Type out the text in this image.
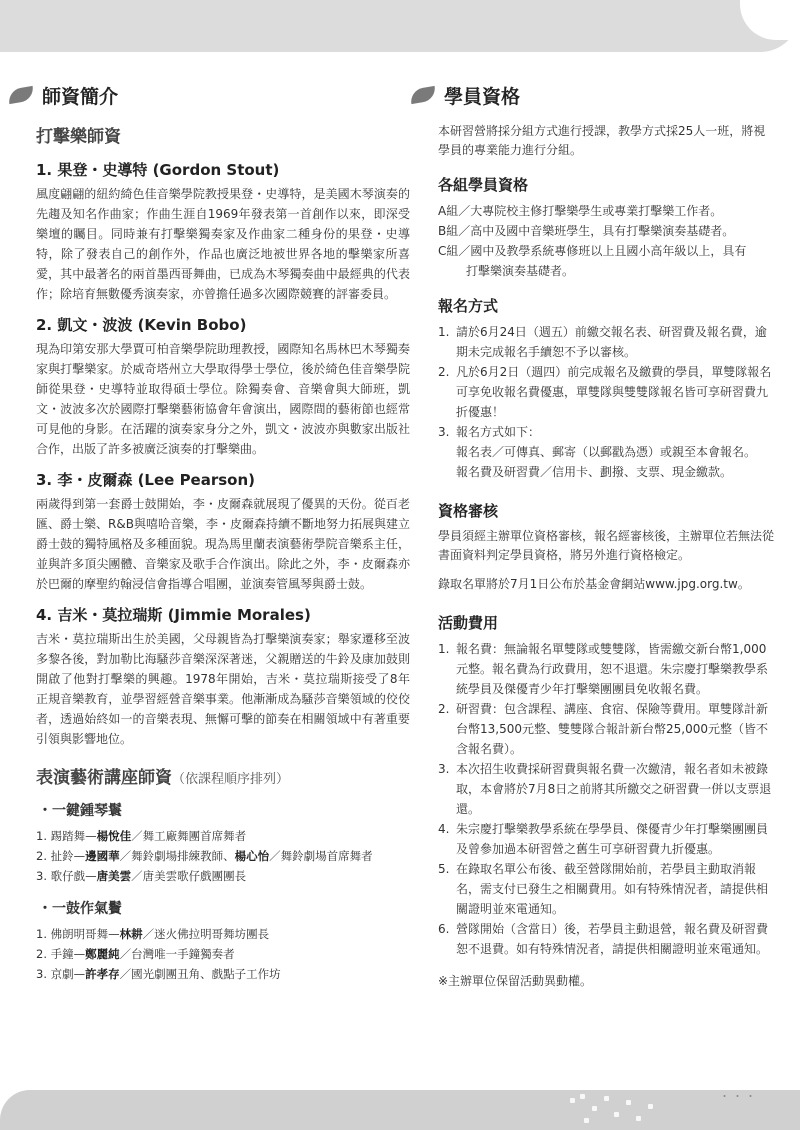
師資簡介
打擊樂師資
1. 果登・史導特 (Gordon Stout)

風度翩翩的紐約綺色佳音樂學院教授果登・史導特，是美國木琴演奏的先趨及知名作曲家；作曲生涯自1969年發表第一首創作以來，即深受樂壇的矚目。同時兼有打擊樂獨奏家及作曲家二種身份的果登・史導特，除了發表自己的創作外，作品也廣泛地被世界各地的擊樂家所喜愛，其中最著名的兩首墨西哥舞曲，已成為木琴獨奏曲中最經典的代表作；除培育無數優秀演奏家，亦曾擔任過多次國際競賽的評審委員。

2. 凱文・波波 (Kevin Bobo)

現為印第安那大學賈可柏音樂學院助理教授，國際知名馬林巴木琴獨奏家與打擊樂家。於威奇塔州立大學取得學士學位，後於綺色佳音樂學院師從果登・史導特並取得碩士學位。除獨奏會、音樂會與大師班，凱文・波波多次於國際打擊樂藝術協會年會演出，國際間的藝術節也經常可見他的身影。在活躍的演奏家身分之外，凱文・波波亦與數家出版社合作，出版了許多被廣泛演奏的打擊樂曲。

3. 李・皮爾森 (Lee Pearson)

兩歲得到第一套爵士鼓開始，李・皮爾森就展現了優異的天份。從百老匯、爵士樂、R&B與嘻哈音樂，李・皮爾森持續不斷地努力拓展與建立爵士鼓的獨特風格及多種面貌。現為馬里蘭表演藝術學院音樂系主任，並與許多頂尖團體、音樂家及歌手合作演出。除此之外，李・皮爾森亦於巴爾的摩聖約翰浸信會指導合唱團，並演奏管風琴與爵士鼓。

4. 吉米・莫拉瑞斯 (Jimmie Morales)

吉米・莫拉瑞斯出生於美國，父母親皆為打擊樂演奏家；舉家遷移至波多黎各後，對加勒比海騷莎音樂深深著迷，父親贈送的牛鈴及康加鼓則開啟了他對打擊樂的興趣。1978年開始，吉米・莫拉瑞斯接受了8年正規音樂教育，並學習經營音樂事業。他漸漸成為騷莎音樂領域的佼佼者，透過始終如一的音樂表現、無懈可擊的節奏在相關領域中有著重要引領與影響地位。

表演藝術講座師資（依課程順序排列）
・一鍵鍾琴鬟
1. 踢踏舞—楊悅佳／舞工廠舞團首席舞者
2. 扯鈴—邊國華／舞鈴劇場排練教師、楊心怡／舞鈴劇場首席舞者
3. 歌仔戲—唐美雲／唐美雲歌仔戲團團長
・一鼓作氣鬢
1. 佛朗明哥舞—林耕／迷火佛拉明哥舞坊團長
2. 手鐘—鄭麗純／台灣唯一手鐘獨奏者
3. 京劇—許孝存／國光劇團丑角、戲點子工作坊
學員資格

本研習營將採分組方式進行授課，教學方式採25人一班，將視學員的專業能力進行分組。

各組學員資格
A組／大專院校主修打擊樂學生或專業打擊樂工作者。
B組／高中及國中音樂班學生，具有打擊樂演奏基礎者。
C組／國中及教學系統專修班以上且國小高年級以上，具有
打擊樂演奏基礎者。
報名方式
1. 請於6月24日（週五）前繳交報名表、研習費及報名費，逾期未完成報名手續恕不予以審核。
2. 凡於6月2日（週四）前完成報名及繳費的學員，單雙隊報名可享免收報名費優惠，單雙隊與雙雙隊報名皆可享研習費九折優惠！
3. 報名方式如下：
報名表／可傳真、郵寄（以郵戳為憑）或親至本會報名。
報名費及研習費／信用卡、劃撥、支票、現金繳款。
資格審核

學員須經主辦單位資格審核，報名經審核後，主辦單位若無法從書面資料判定學員資格，將另外進行資格檢定。

錄取名單將於7月1日公布於基金會網站www.jpg.org.tw。

活動費用
1. 報名費：無論報名單雙隊或雙雙隊，皆需繳交新台幣1,000元整。報名費為行政費用，恕不退還。朱宗慶打擊樂教學系統學員及傑優青少年打擊樂團團員免收報名費。
2. 研習費：包含課程、講座、食宿、保險等費用。單雙隊計新台幣13,500元整、雙雙隊合報計新台幣25,000元整（皆不含報名費）。
3. 本次招生收費採研習費與報名費一次繳清，報名者如未被錄取，本會將於7月8日之前將其所繳交之研習費一併以支票退還。
4. 朱宗慶打擊樂教學系統在學學員、傑優青少年打擊樂團團員及曾參加過本研習營之舊生可享研習費九折優惠。
5. 在錄取名單公布後、截至營隊開始前，若學員主動取消報名，需支付已發生之相關費用。如有特殊情況者，請提供相關證明並來電通知。
6. 營隊開始（含當日）後，若學員主動退營，報名費及研習費恕不退費。如有特殊情況者，請提供相關證明並來電通知。
※主辦單位保留活動異動權。
・・・
